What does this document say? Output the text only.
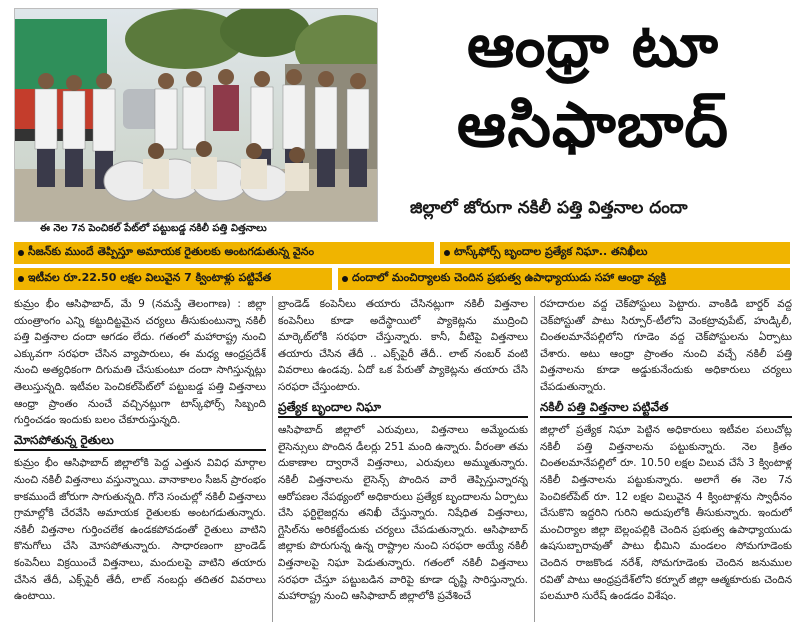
ఈ నెల 7న పెంచికల్ పేట్‌లో పట్టుబడ్డ నకిలీ పత్తి విత్తనాలు
ఆంధ్రా టూ
ఆసిఫాబాద్
జిల్లాలో జోరుగా నకిలీ పత్తి విత్తనాల దందా
సీజన్‌కు ముందే తెప్పిస్తూ అమాయక రైతులకు అంటగడుతున్న వైనం	టాస్క్‌ఫోర్స్ బృందాల ప్రత్యేక నిఘా.. తనిఖీలు
ఇటీవల రూ.22.50 లక్షల విలువైన 7 క్వింటాళ్లు పట్టివేత	దందాలో మంచిర్యాలకు చెందిన ప్రభుత్వ ఉపాధ్యాయుడు సహా ఆంధ్రా వ్యక్తి

కుమ్రం భీం ఆసిఫాబాద్, మే 9 (నమస్తే తెలంగాణ) : జిల్లా యంత్రాంగం ఎన్ని కట్టుదిట్టమైన చర్యలు తీసుకుంటున్నా నకిలీ పత్తి విత్తనాల దందా ఆగడం లేదు. గతంలో మహారాష్ట్ర నుంచి ఎక్కువగా సరఫరా చేసిన వ్యాపారులు, ఈ మధ్య ఆంధ్రప్రదేశ్ నుంచి అత్యధికంగా దిగుమతి చేసుకుంటూ దందా సాగిస్తున్నట్లు తెలుస్తున్నది. ఇటీవల పెంచికల్‌పేట్‌లో పట్టుబడ్డ పత్తి విత్తనాలు ఆంధ్రా ప్రాంతం నుంచే వచ్చినట్లుగా టాస్క్‌ఫోర్స్ సిబ్బంది గుర్తించడం ఇందుకు బలం చేకూరుస్తున్నది.

మోసపోతున్న రైతులు

కుమ్రం భీం ఆసిఫాబాద్ జిల్లాలోకి పెద్ద ఎత్తున వివిధ మార్గాల నుంచి నకిలీ విత్తనాలు వస్తున్నాయి. వానాకాలం సీజన్ ప్రారంభం కాకముందే జోరుగా సాగుతున్నది. గోనె సంచుల్లో నకిలీ విత్తనాలు గ్రామాల్లోకి చేరవేసి అమాయక రైతులకు అంటగడుతున్నారు. నకిలీ విత్తనాల గుర్తించలేక ఉండకపోవడంతో రైతులు వాటిని కొనుగోలు చేసి మోసపోతున్నారు. సాధారణంగా బ్రాండెడ్ కంపెనీలు విక్రయించే విత్తనాలు, మందులపై వాటిని తయారు చేసిన తేదీ, ఎక్స్‌పైరీ తేదీ, లాట్ నంబర్లు తదితర వివరాలు ఉంటాయి.

బ్రాండెడ్ కంపెనీలు తయారు చేసినట్లుగా నకిలీ విత్తనాల కంపెనీలు కూడా అదేస్థాయిలో ప్యాకెట్లను ముద్రించి మార్కెట్‌లోకి సరఫరా చేస్తున్నారు. కానీ, వీటిపై విత్తనాలు తయారు చేసిన తేదీ .. ఎక్స్‌పైరీ తేదీ.. లాట్ నంబర్ వంటి వివరాలు ఉండవు. ఏదో ఒక పేరుతో ప్యాకెట్లను తయారు చేసి సరఫరా చేస్తుంటారు.

ప్రత్యేక బృందాల నిఘా

ఆసిఫాబాద్ జిల్లాలో ఎరువులు, విత్తనాలు అమ్మేందుకు లైసెన్సులు పొందిన డీలర్లు 251 మంది ఉన్నారు. వీరంతా తమ దుకాణాల ద్వారానే విత్తనాలు, ఎరువులు అమ్ముతున్నారు. నకిలీ విత్తనాలను లైసెన్స్ పొందిన వారే తెప్పిస్తున్నారన్న ఆరోపణల నేపథ్యంలో అధికారులు ప్రత్యేక బృందాలను ఏర్పాటు చేసి ఫర్టిలైజర్లను తనిఖీ చేస్తున్నారు. నిషేధిత విత్తనాలు, గ్లైసిల్‌ను అరికట్టేందుకు చర్యలు చేపడుతున్నారు. ఆసిఫాబాద్ జిల్లాకు పొరుగున్న ఉన్న రాష్ట్రాల నుంచి సరఫరా అయ్యే నకిలీ విత్తనాలపై నిఘా పెడుతున్నారు. గతంలో నకిలీ విత్తనాలు సరఫరా చేస్తూ పట్టుబడిన వారిపై కూడా దృష్టి సారిస్తున్నారు. మహారాష్ట్ర నుంచి ఆసిఫాబాద్ జిల్లాలోకి ప్రవేశించే

రహదారుల వద్ద చెక్‌పోస్టులు పెట్టారు. వాంకిడి బార్డర్ వద్ద చెక్‌పోస్టుతో పాటు సిర్పూర్-టీలోని వెంకట్రావుపేట్, హుడ్కిలీ, చింతలమానేపల్లిలోని గూడెం వద్ద చెక్‌పోస్టులను ఏర్పాటు చేశారు. అటు ఆంధ్రా ప్రాంతం నుంచి వచ్చే నకిలీ పత్తి విత్తనాలను కూడా అడ్డుకునేందుకు అధికారులు చర్యలు చేపడుతున్నారు.

నకిలీ పత్తి విత్తనాల పట్టివేత

జిల్లాలో ప్రత్యేక నిఘా పెట్టిన అధికారులు ఇటీవల పలుచోట్ల నకిలీ పత్తి విత్తనాలను పట్టుకున్నారు. నెల క్రితం చింతలమానేపల్లిలో రూ. 10.50 లక్షల విలువ చేసే 3 క్వింటాళ్ల నకిలీ విత్తనాలను పట్టుకున్నారు. అలాగే ఈ నెల 7న పెంచికల్‌పేట్ రూ. 12 లక్షల విలువైన 4 క్వింటాళ్లను స్వాధీనం చేసుకొని ఇద్దరిని గురిని అదుపులోకి తీసుకున్నారు. ఇందులో మంచిర్యాల జిల్లా బెల్లంపల్లికి చెందిన ప్రభుత్వ ఉపాధ్యాయుడు ఉషసుబ్బారావుతో పాటు భీమిని మండలం సోమగూడెంకు చెందిన రాజకొండ నరేశ్, సోమగూడెంకు చెందిన జనుముల రవితో పాటు ఆంధ్రప్రదేశ్‌లోని కర్నూల్ జిల్లా ఆత్మకూరుకు చెందిన పలమూరి సురేష్ ఉండడం విశేషం.
